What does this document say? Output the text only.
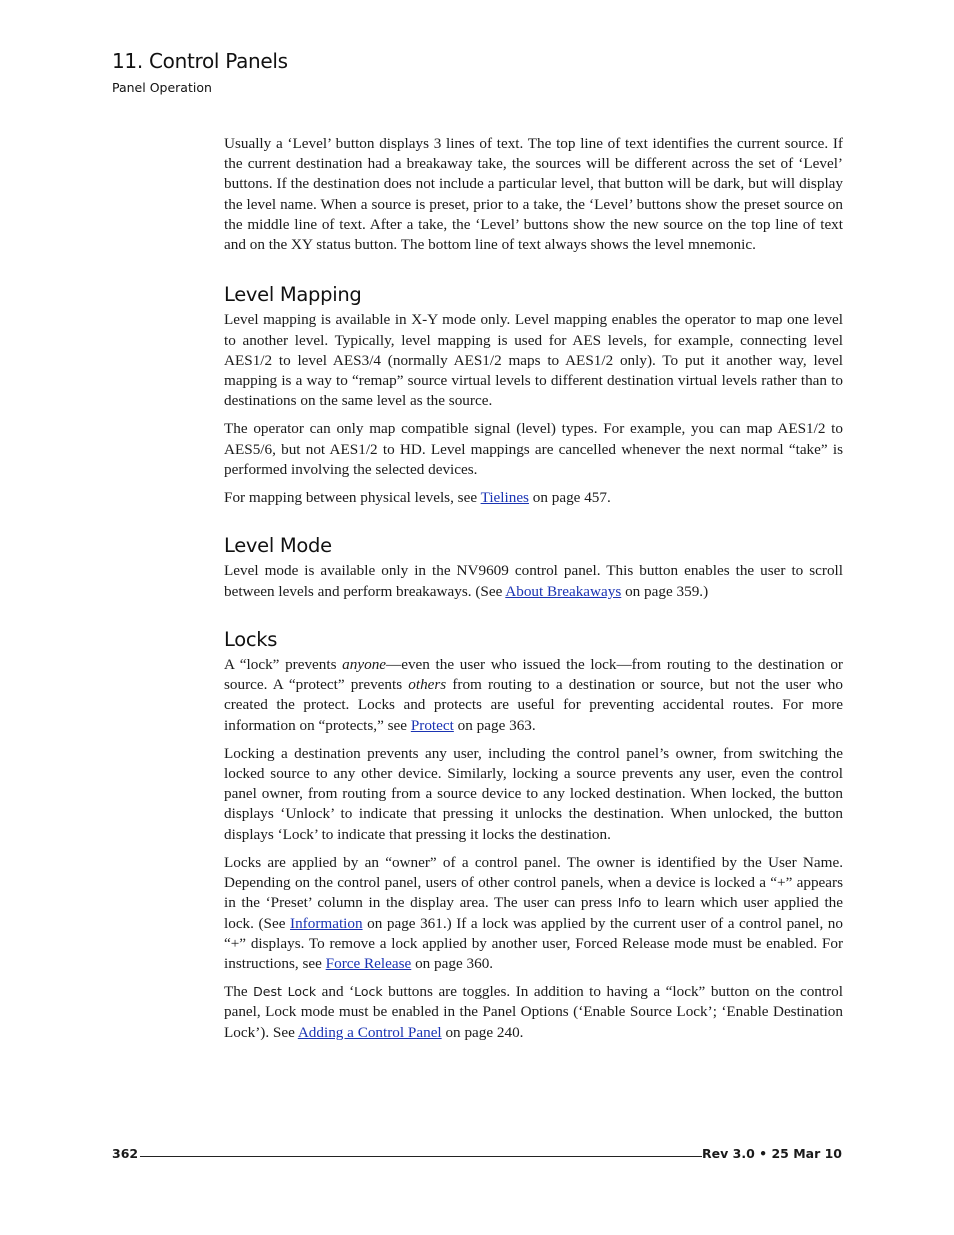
11. Control Panels
Panel Operation

Usually a ‘Level’ button displays 3 lines of text. The top line of text identifies the current source. If the current destination had a breakaway take, the sources will be different across the set of ‘Level’ buttons. If the destination does not include a particular level, that button will be dark, but will display the level name. When a source is preset, prior to a take, the ‘Level’ buttons show the preset source on the middle line of text. After a take, the ‘Level’ buttons show the new source on the top line of text and on the XY status button. The bottom line of text always shows the level mnemonic.

Level Mapping

Level mapping is available in X-Y mode only. Level mapping enables the operator to map one level to another level. Typically, level mapping is used for AES levels, for example, connecting level AES1/2 to level AES3/4 (normally AES1/2 maps to AES1/2 only). To put it another way, level mapping is a way to “remap” source virtual levels to different destination virtual levels rather than to destinations on the same level as the source.

The operator can only map compatible signal (level) types. For example, you can map AES1/2 to AES5/6, but not AES1/2 to HD. Level mappings are cancelled whenever the next normal “take” is performed involving the selected devices.

For mapping between physical levels, see Tielines on page 457.

Level Mode

Level mode is available only in the NV9609 control panel. This button enables the user to scroll between levels and perform breakaways. (See About Breakaways on page 359.)

Locks

A “lock” prevents anyone—even the user who issued the lock—from routing to the destination or source. A “protect” prevents others from routing to a destination or source, but not the user who created the protect. Locks and protects are useful for preventing accidental routes. For more information on “protects,” see Protect on page 363.

Locking a destination prevents any user, including the control panel’s owner, from switching the locked source to any other device. Similarly, locking a source prevents any user, even the control panel owner, from routing from a source device to any locked destination. When locked, the button displays ‘Unlock’ to indicate that pressing it unlocks the destination. When unlocked, the button displays ‘Lock’ to indicate that pressing it locks the destination.

Locks are applied by an “owner” of a control panel. The owner is identified by the User Name. Depending on the control panel, users of other control panels, when a device is locked a “+” appears in the ‘Preset’ column in the display area. The user can press Info to learn which user applied the lock. (See Information on page 361.) If a lock was applied by the current user of a control panel, no “+” displays. To remove a lock applied by another user, Forced Release mode must be enabled. For instructions, see Force Release on page 360.

The Dest Lock and ‘Lock buttons are toggles. In addition to having a “lock” button on the control panel, Lock mode must be enabled in the Panel Options (‘Enable Source Lock’; ‘Enable Destination Lock’). See Adding a Control Panel on page 240.

362	Rev 3.0 • 25 Mar 10
